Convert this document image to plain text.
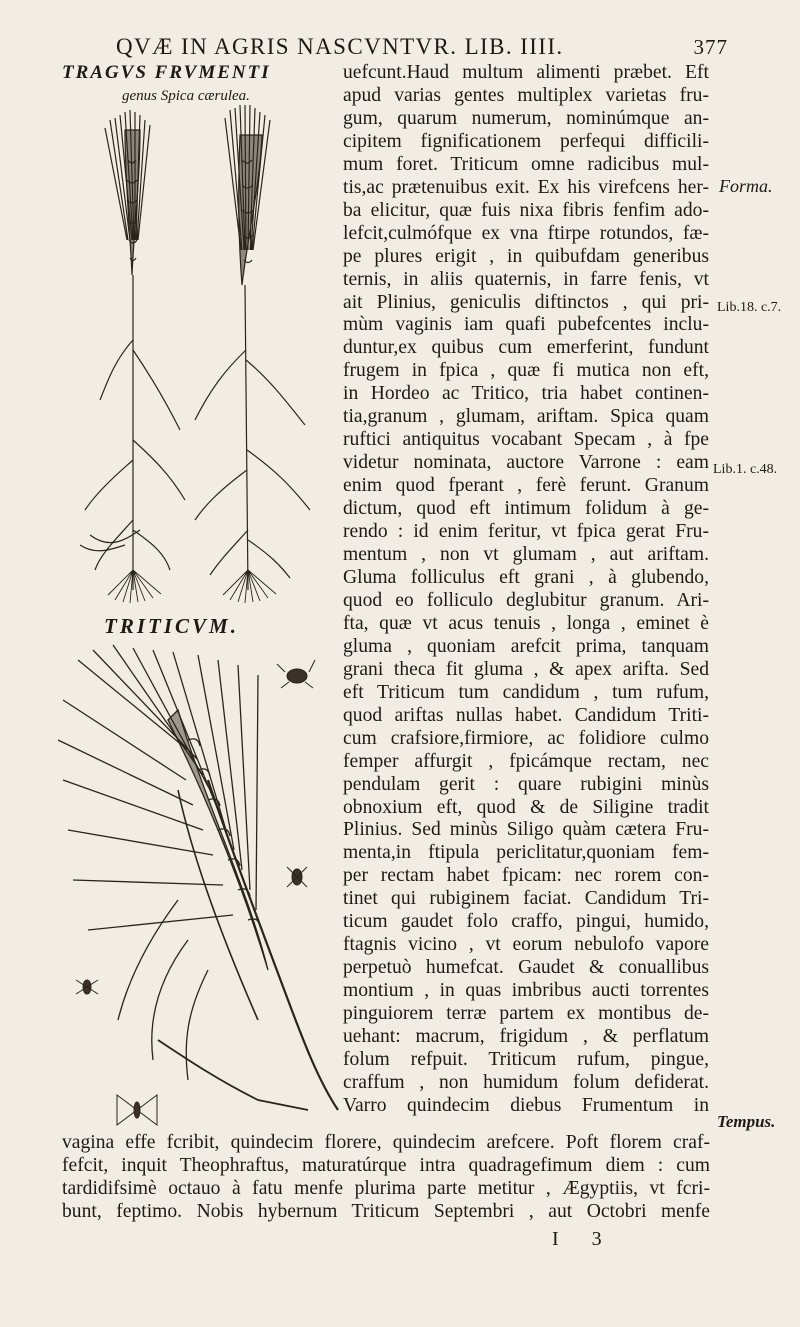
QVÆ IN AGRIS NASCVNTVR. LIB. IIII.	377
TRAGVS FRVMENTI
genus Spica cærulea.
TRITICVM.
uefcunt.Haud multum alimenti præbet. Eft
apud varias gentes multiplex varietas fru-
gum, quarum numerum, nominúmque an-
cipitem fignificationem perfequi difficili-
mum foret. Triticum omne radicibus mul-
tis,ac prætenuibus exit. Ex his virefcens her-
ba elicitur, quæ fuis nixa fibris fenfim ado-
lefcit,culmófque ex vna ftirpe rotundos, fæ-
pe plures erigit , in quibufdam generibus
ternis, in aliis quaternis, in farre fenis, vt
ait Plinius, geniculis diftinctos , qui pri-
mùm vaginis iam quafi pubefcentes inclu-
duntur,ex quibus cum emerferint, fundunt
frugem in fpica , quæ fi mutica non eft,
in Hordeo ac Tritico, tria habet continen-
tia,granum , glumam, ariftam. Spica quam
ruftici antiquitus vocabant Specam , à fpe
videtur nominata, auctore Varrone : eam
enim quod fperant , ferè ferunt. Granum
dictum, quod eft intimum folidum à ge-
rendo : id enim feritur, vt fpica gerat Fru-
mentum , non vt glumam , aut ariftam.
Gluma folliculus eft grani , à glubendo,
quod eo folliculo deglubitur granum. Ari-
fta, quæ vt acus tenuis , longa , eminet è
gluma , quoniam arefcit prima, tanquam
grani theca fit gluma , & apex arifta. Sed
eft Triticum tum candidum , tum rufum,
quod ariftas nullas habet. Candidum Triti-
cum crafsiore,firmiore, ac folidiore culmo
femper affurgit , fpicámque rectam, nec
pendulam gerit : quare rubigini minùs
obnoxium eft, quod & de Siligine tradit
Plinius. Sed minùs Siligo quàm cætera Fru-
menta,in ftipula periclitatur,quoniam fem-
per rectam habet fpicam: nec rorem con-
tinet qui rubiginem faciat. Candidum Tri-
ticum gaudet folo craffo, pingui, humido,
ftagnis vicino , vt eorum nebulofo vapore
perpetuò humefcat. Gaudet & conuallibus
montium , in quas imbribus aucti torrentes
pinguiorem terræ partem ex montibus de-
uehant: macrum, frigidum , & perflatum
folum refpuit. Triticum rufum, pingue,
craffum , non humidum folum defiderat.
Varro quindecim diebus Frumentum in
vagina effe fcribit, quindecim florere, quindecim arefcere. Poft florem craf-
fefcit, inquit Theophraftus, maturatúrque intra quadragefimum diem : cum
tardidifsimè octauo à fatu menfe plurima parte metitur , Ægyptiis, vt fcri-
bunt, feptimo. Nobis hybernum Triticum Septembri , aut Octobri menfe
Forma.
Lib.18. c.7.
Lib.1. c.48.
Tempus.
I 3
